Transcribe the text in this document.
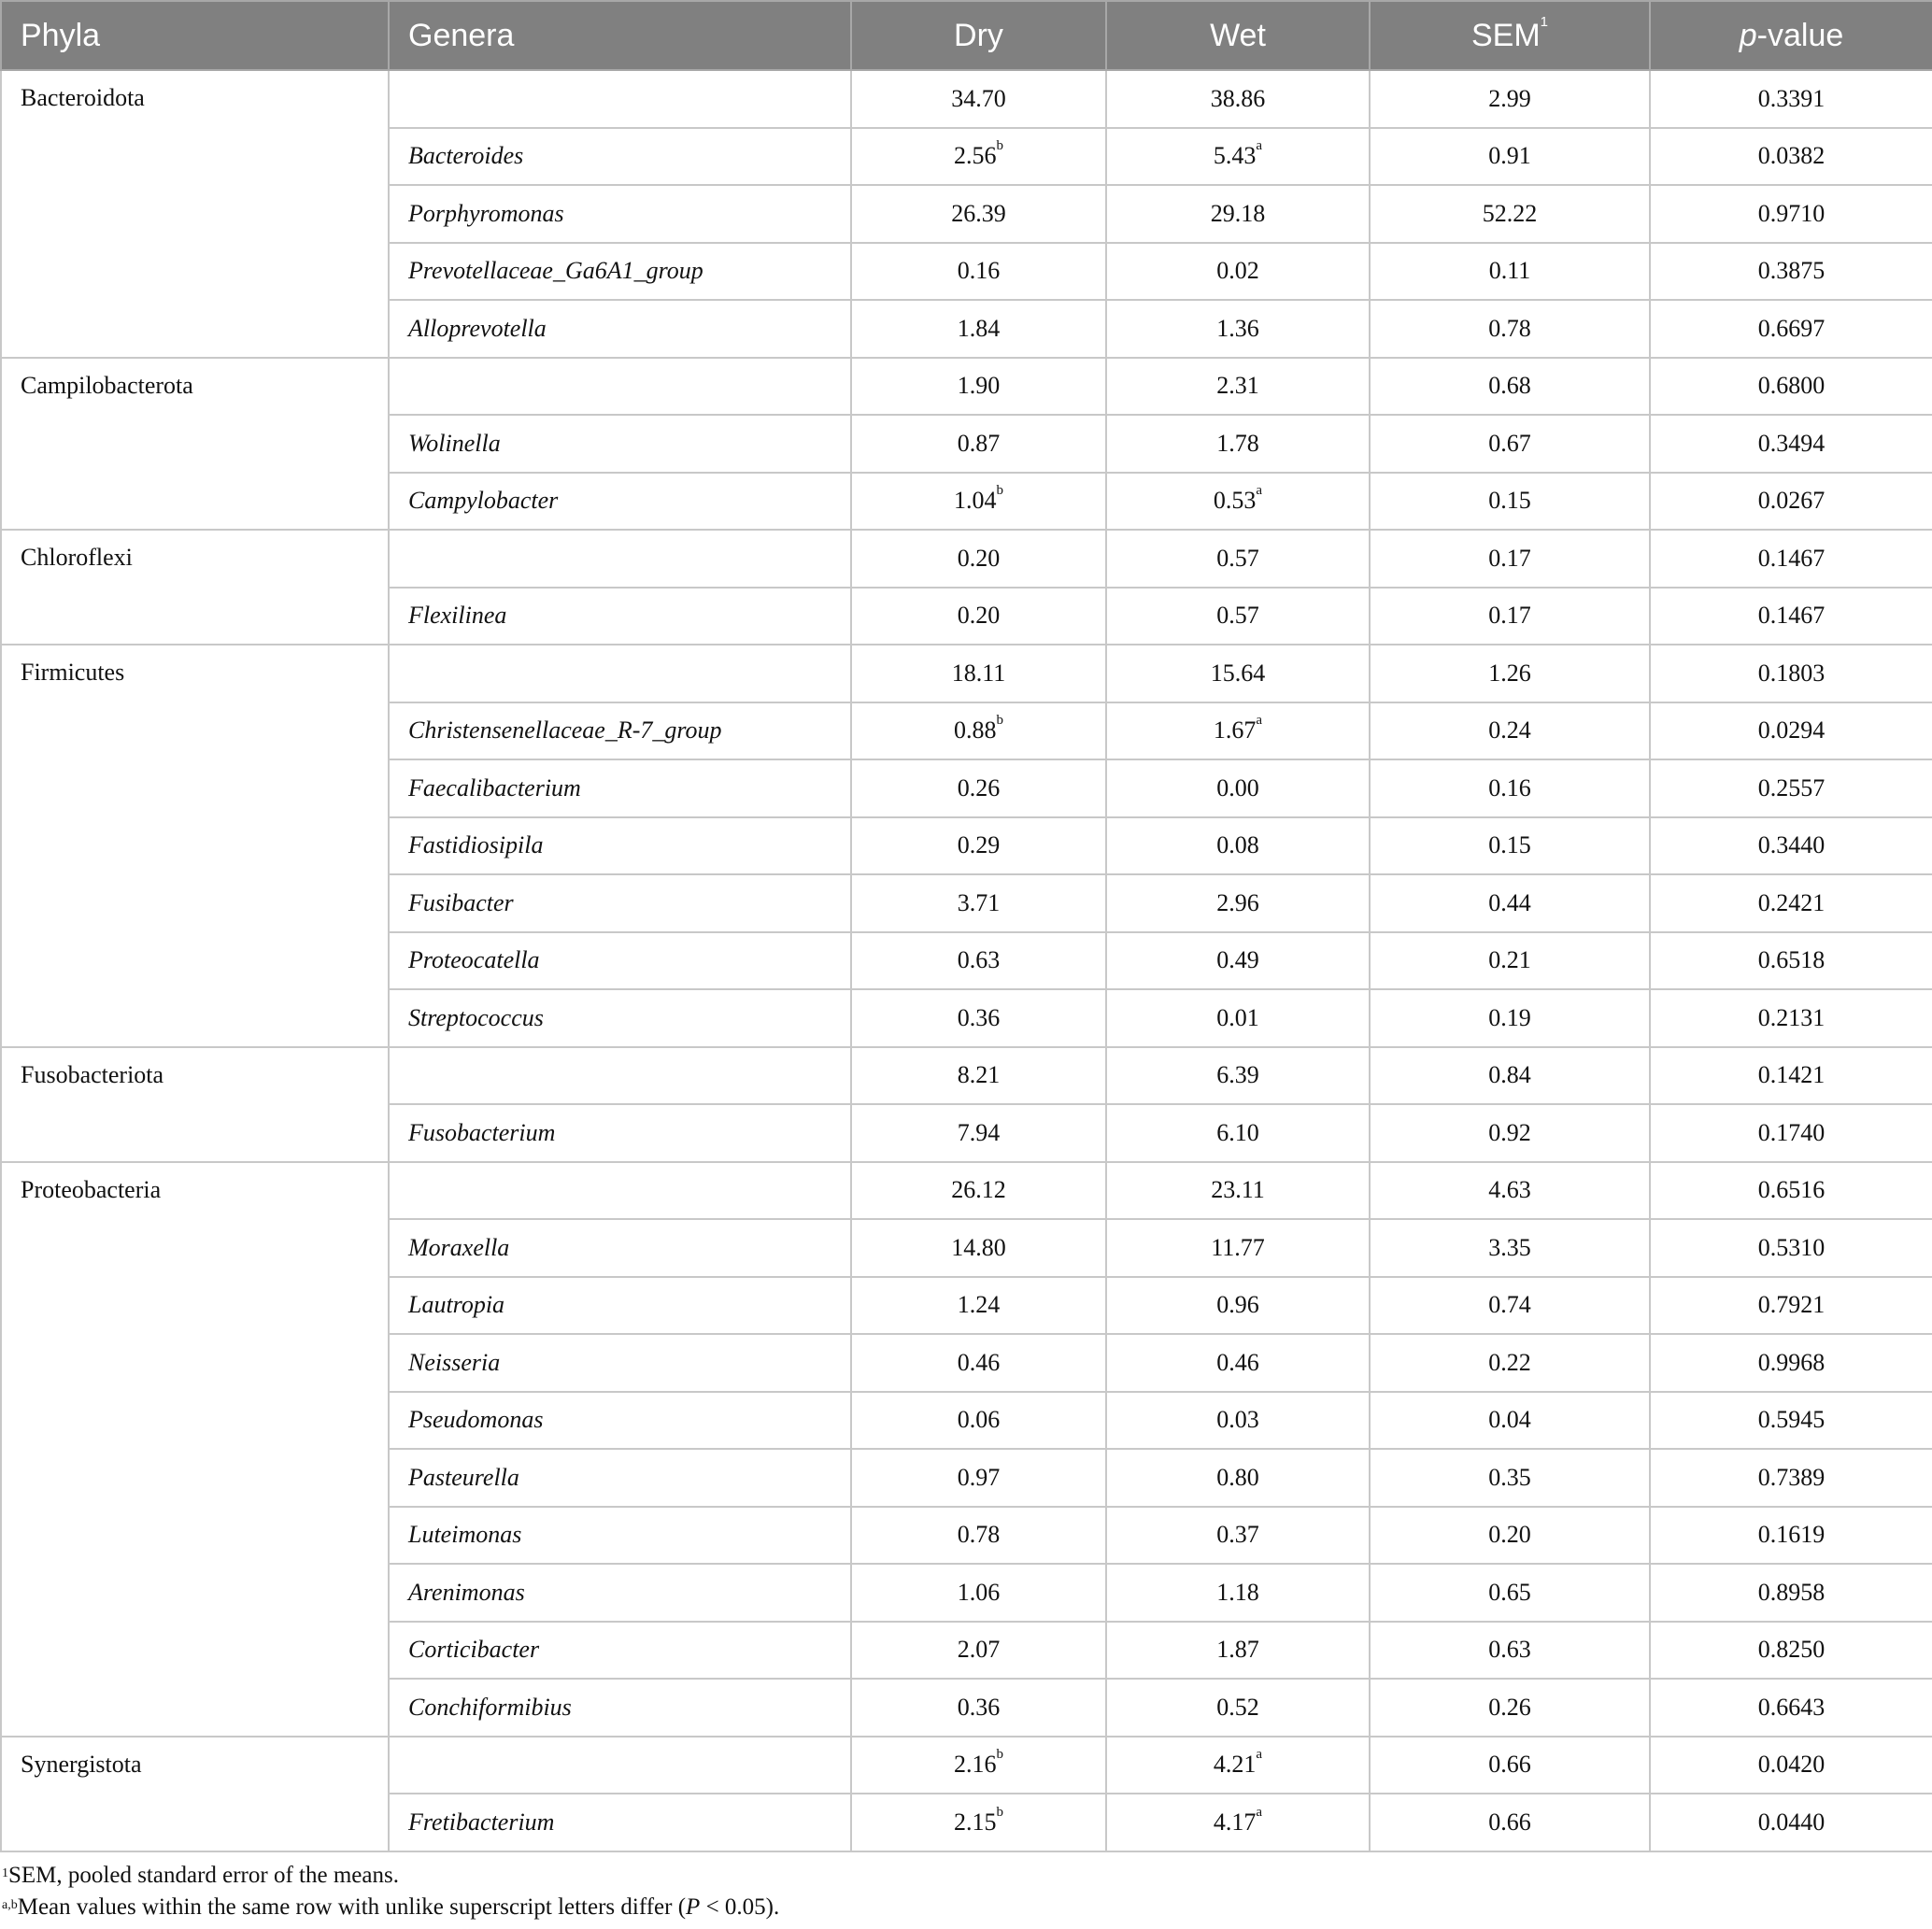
Phyla	Genera	Dry	Wet	SEM$^1$	p-value
Bacteroidota		34.70	38.86	2.99	0.3391
	Bacteroides	2.56$^b$	5.43$^a$	0.91	0.0382
	Porphyromonas	26.39	29.18	52.22	0.9710
	Prevotellaceae_Ga6A1_group	0.16	0.02	0.11	0.3875
	Alloprevotella	1.84	1.36	0.78	0.6697
Campilobacterota		1.90	2.31	0.68	0.6800
	Wolinella	0.87	1.78	0.67	0.3494
	Campylobacter	1.04$^b$	0.53$^a$	0.15	0.0267
Chloroflexi		0.20	0.57	0.17	0.1467
	Flexilinea	0.20	0.57	0.17	0.1467
Firmicutes		18.11	15.64	1.26	0.1803
	Christensenellaceae_R-7_group	0.88$^b$	1.67$^a$	0.24	0.0294
	Faecalibacterium	0.26	0.00	0.16	0.2557
	Fastidiosipila	0.29	0.08	0.15	0.3440
	Fusibacter	3.71	2.96	0.44	0.2421
	Proteocatella	0.63	0.49	0.21	0.6518
	Streptococcus	0.36	0.01	0.19	0.2131
Fusobacteriota		8.21	6.39	0.84	0.1421
	Fusobacterium	7.94	6.10	0.92	0.1740
Proteobacteria		26.12	23.11	4.63	0.6516
	Moraxella	14.80	11.77	3.35	0.5310
	Lautropia	1.24	0.96	0.74	0.7921
	Neisseria	0.46	0.46	0.22	0.9968
	Pseudomonas	0.06	0.03	0.04	0.5945
	Pasteurella	0.97	0.80	0.35	0.7389
	Luteimonas	0.78	0.37	0.20	0.1619
	Arenimonas	1.06	1.18	0.65	0.8958
	Corticibacter	2.07	1.87	0.63	0.8250
	Conchiformibius	0.36	0.52	0.26	0.6643
Synergistota		2.16$^b$	4.21$^a$	0.66	0.0420
	Fretibacterium	2.15$^b$	4.17$^a$	0.66	0.0440
$^1$SEM, pooled standard error of the means.
$^{a,b}$Mean values within the same row with unlike superscript letters differ (P < 0.05).
